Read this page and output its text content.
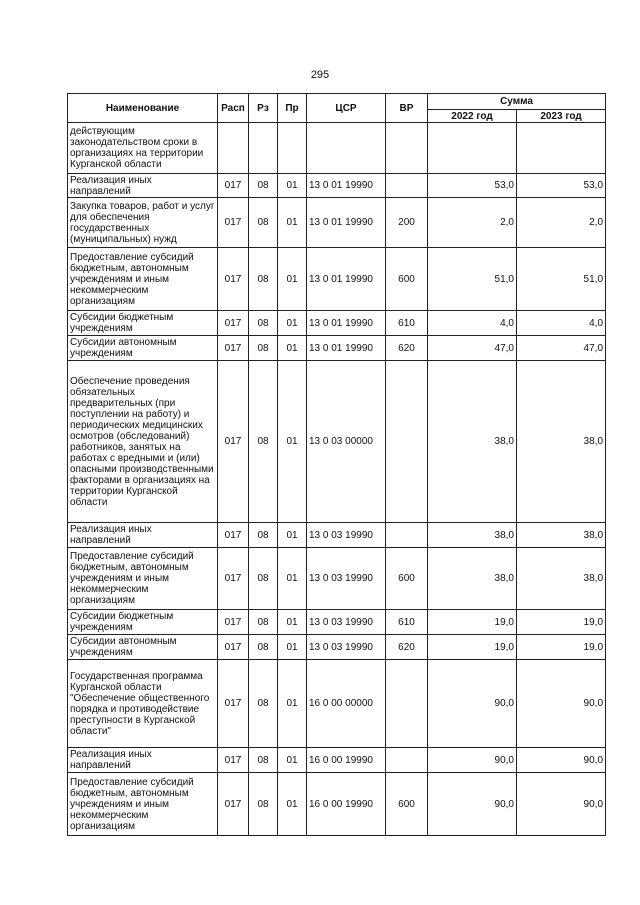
295
Наименование	Расп	Рз	Пр	ЦСР	ВР	Сумма	
						2022 год	2023 год
действующим законодательством сроки в организациях на территории Курганской области							
Реализация иных направлений	017	08	01	13 0 01 19990		53,0	53,0
Закупка товаров, работ и услуг для обеспечения государственных (муниципальных) нужд	017	08	01	13 0 01 19990	200	2,0	2,0
Предоставление субсидий бюджетным, автономным учреждениям и иным некоммерческим организациям	017	08	01	13 0 01 19990	600	51,0	51,0
Субсидии бюджетным учреждениям	017	08	01	13 0 01 19990	610	4,0	4,0
Субсидии автономным учреждениям	017	08	01	13 0 01 19990	620	47,0	47,0
Обеспечение проведения обязательных предварительных (при поступлении на работу) и периодических медицинских осмотров (обследований) работников, занятых на работах с вредными и (или) опасными производственными факторами в организациях на территории Курганской области	017	08	01	13 0 03 00000		38,0	38,0
Реализация иных направлений	017	08	01	13 0 03 19990		38,0	38,0
Предоставление субсидий бюджетным, автономным учреждениям и иным некоммерческим организациям	017	08	01	13 0 03 19990	600	38,0	38,0
Субсидии бюджетным учреждениям	017	08	01	13 0 03 19990	610	19,0	19,0
Субсидии автономным учреждениям	017	08	01	13 0 03 19990	620	19,0	19,0
Государственная программа Курганской области "Обеспечение общественного порядка и противодействие преступности в Курганской области"	017	08	01	16 0 00 00000		90,0	90,0
Реализация иных направлений	017	08	01	16 0 00 19990		90,0	90,0
Предоставление субсидий бюджетным, автономным учреждениям и иным некоммерческим организациям	017	08	01	16 0 00 19990	600	90,0	90,0
